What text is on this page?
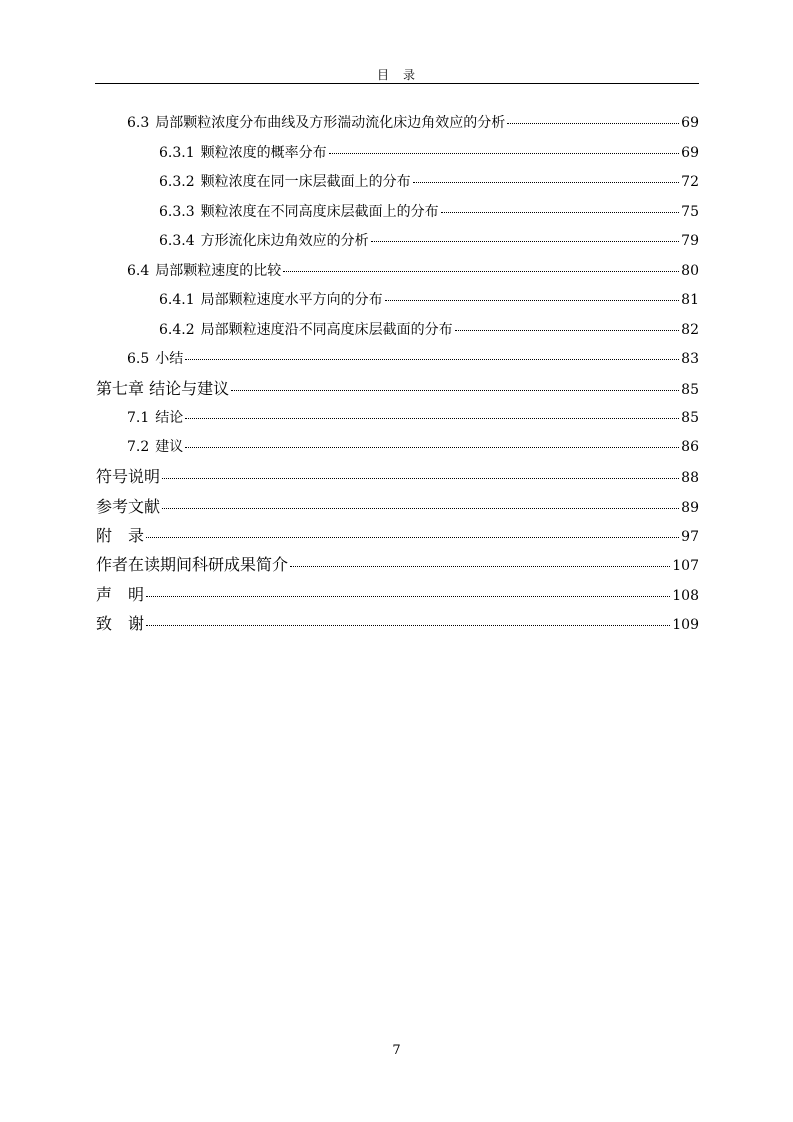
目　录
6.3 局部颗粒浓度分布曲线及方形湍动流化床边角效应的分析	69
6.3.1 颗粒浓度的概率分布	69
6.3.2 颗粒浓度在同一床层截面上的分布	72
6.3.3 颗粒浓度在不同高度床层截面上的分布	75
6.3.4 方形流化床边角效应的分析	79
6.4 局部颗粒速度的比较	80
6.4.1 局部颗粒速度水平方向的分布	81
6.4.2 局部颗粒速度沿不同高度床层截面的分布	82
6.5 小结	83
第七章 结论与建议	85
7.1 结论	85
7.2 建议	86
符号说明	88
参考文献	89
附　录	97
作者在读期间科研成果简介	107
声　明	108
致　谢	109
7
